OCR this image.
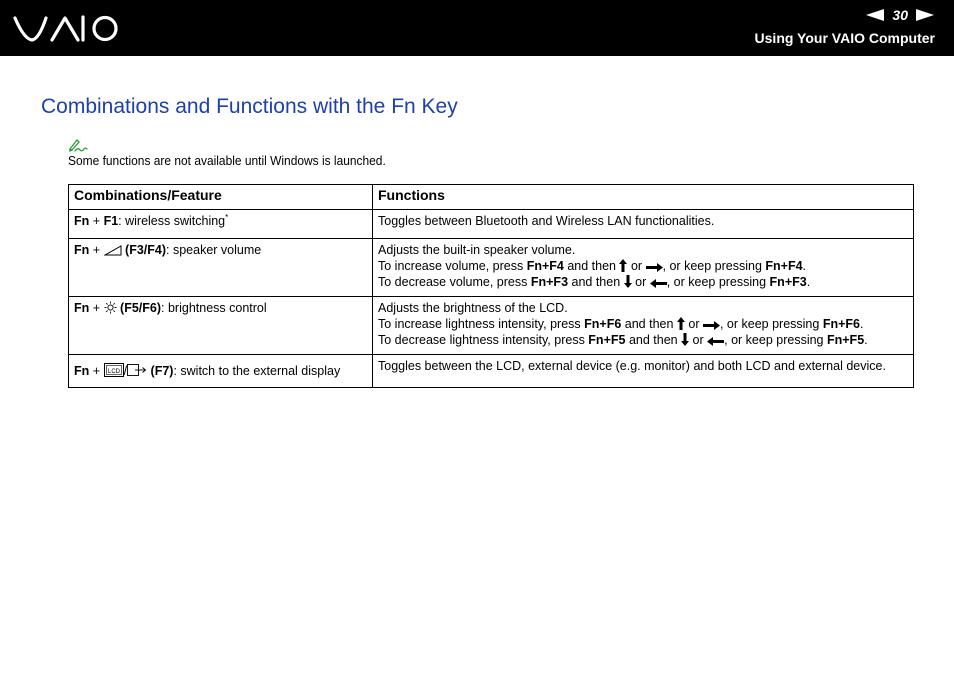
30
Using Your VAIO Computer
Combinations and Functions with the Fn Key
Some functions are not available until Windows is launched.
Combinations/Feature	Functions
Fn + F1: wireless switching*	Toggles between Bluetooth and Wireless LAN functionalities.
Fn + (F3/F4): speaker volume	Adjusts the built-in speaker volume.
To increase volume, press Fn+F4 and then  or , or keep pressing Fn+F4.
To decrease volume, press Fn+F3 and then  or , or keep pressing Fn+F3.

Fn + (F5/F6): brightness control	Adjusts the brightness of the LCD.
To increase lightness intensity, press Fn+F6 and then  or , or keep pressing Fn+F6.
To decrease lightness intensity, press Fn+F5 and then  or , or keep pressing Fn+F5.

Fn + LCD / (F7): switch to the external display	Toggles between the LCD, external device (e.g. monitor) and both LCD and external device.
